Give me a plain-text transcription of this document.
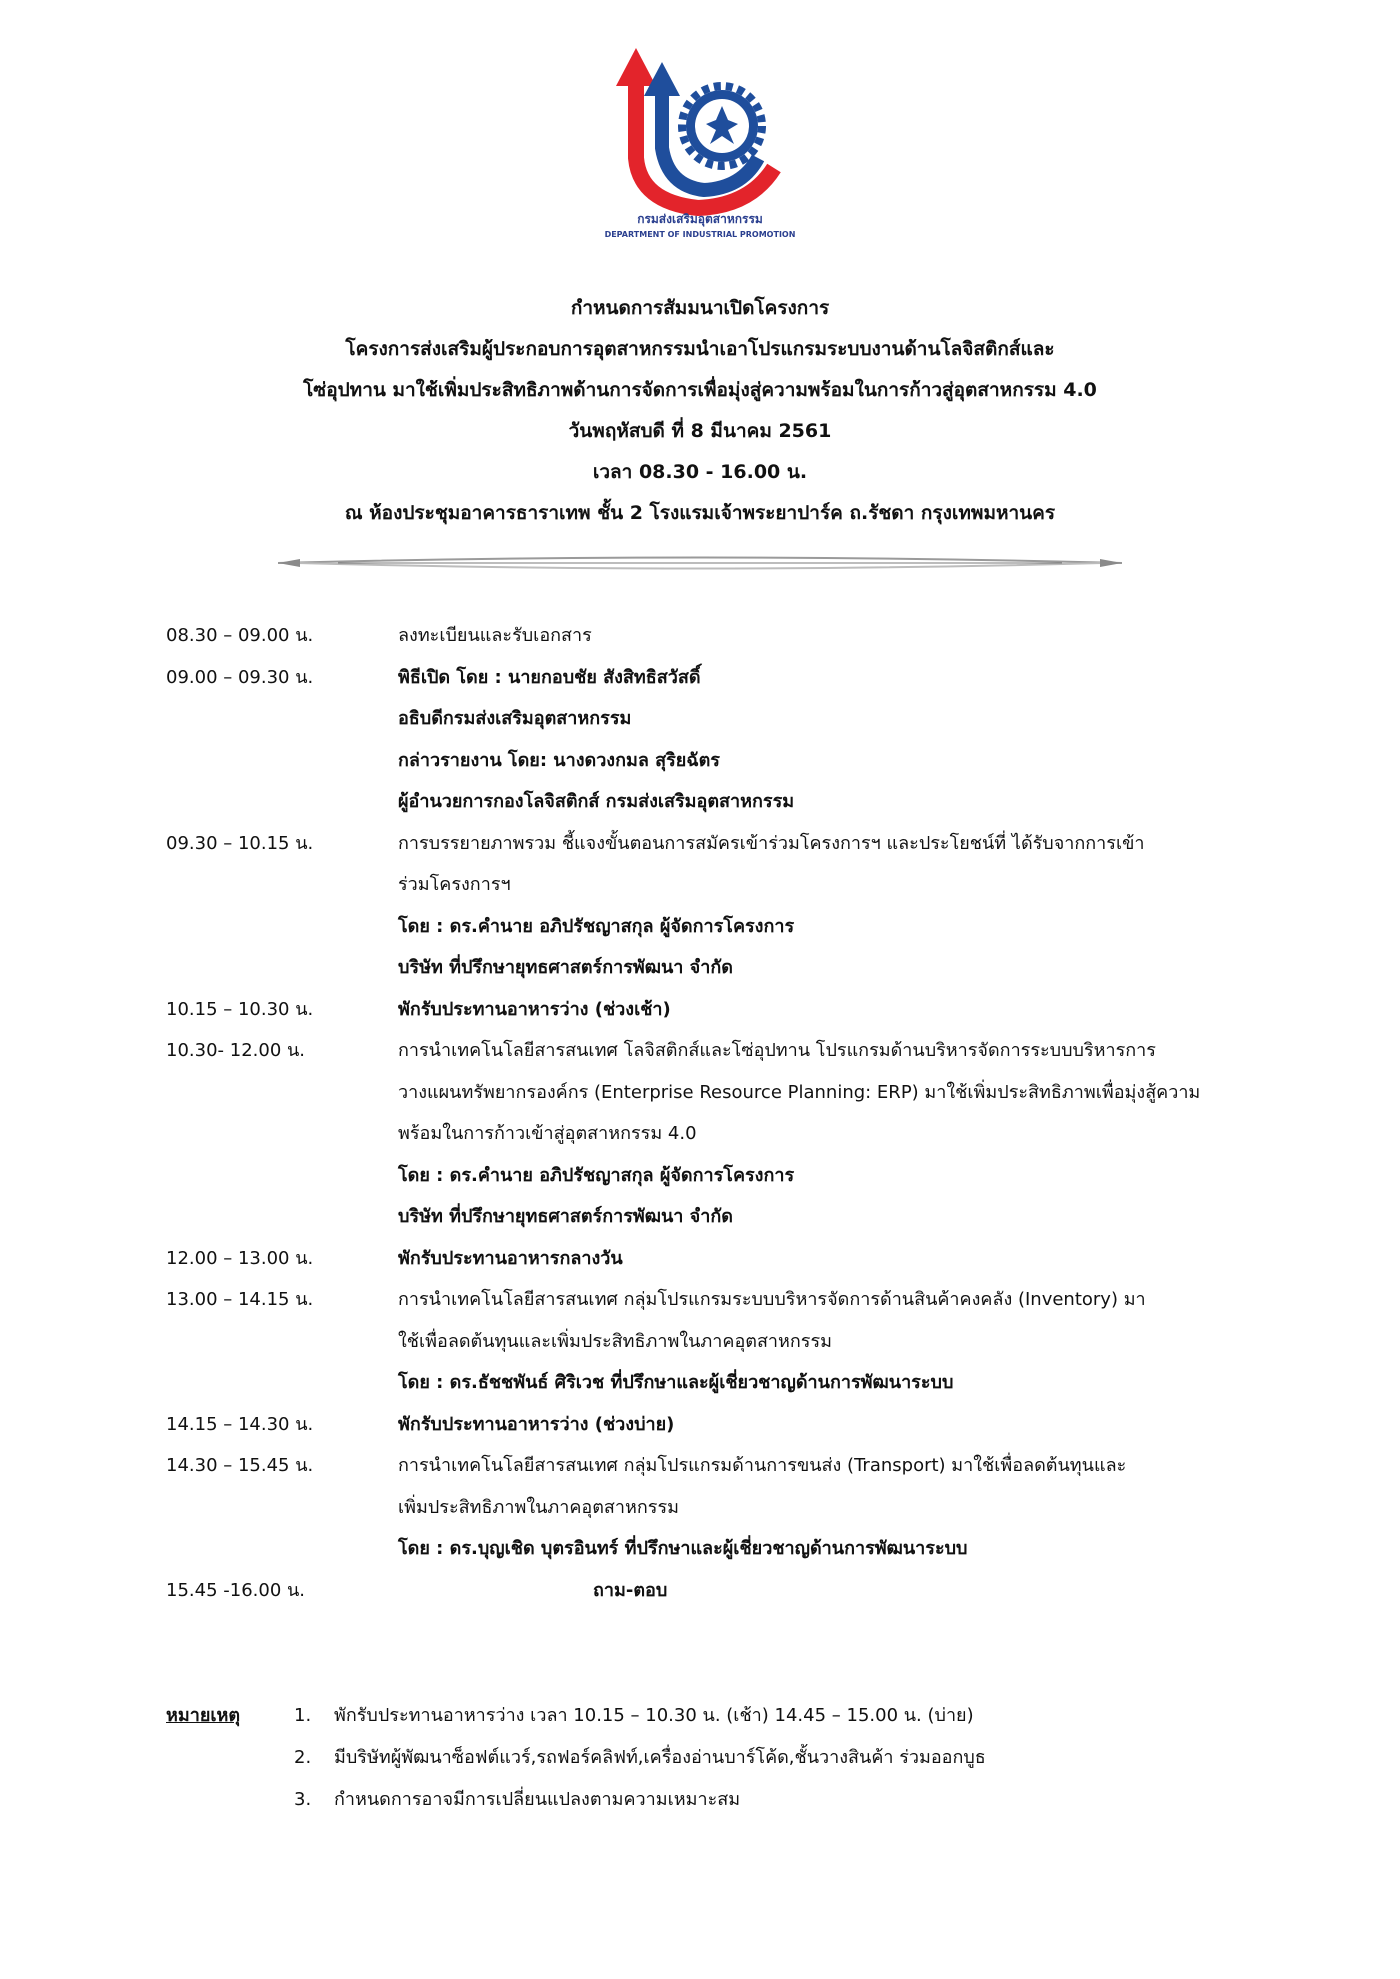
กรมส่งเสริมอุตสาหกรรม
DEPARTMENT OF INDUSTRIAL PROMOTION
กำหนดการสัมมนาเปิดโครงการ
โครงการส่งเสริมผู้ประกอบการอุตสาหกรรมนำเอาโปรแกรมระบบงานด้านโลจิสติกส์และ
โซ่อุปทาน มาใช้เพิ่มประสิทธิภาพด้านการจัดการเพื่อมุ่งสู่ความพร้อมในการก้าวสู่อุตสาหกรรม 4.0
วันพฤหัสบดี ที่ 8 มีนาคม 2561
เวลา 08.30 - 16.00 น.
ณ ห้องประชุมอาคารธาราเทพ ชั้น 2 โรงแรมเจ้าพระยาปาร์ค ถ.รัชดา กรุงเทพมหานคร
08.30 – 09.00 น.	ลงทะเบียนและรับเอกสาร
09.00 – 09.30 น.	พิธีเปิด โดย : นายกอบชัย สังสิทธิสวัสดิ์
อธิบดีกรมส่งเสริมอุตสาหกรรม
กล่าวรายงาน โดย: นางดวงกมล สุริยฉัตร
ผู้อำนวยการกองโลจิสติกส์ กรมส่งเสริมอุตสาหกรรม
09.30 – 10.15 น.	การบรรยายภาพรวม ชี้แจงขั้นตอนการสมัครเข้าร่วมโครงการฯ และประโยชน์ที่ ได้รับจากการเข้า
ร่วมโครงการฯ
โดย : ดร.คำนาย อภิปรัชญาสกุล ผู้จัดการโครงการ
บริษัท ที่ปรึกษายุทธศาสตร์การพัฒนา จำกัด
10.15 – 10.30 น.	พักรับประทานอาหารว่าง (ช่วงเช้า)
10.30- 12.00 น.	การนำเทคโนโลยีสารสนเทศ โลจิสติกส์และโซ่อุปทาน โปรแกรมด้านบริหารจัดการระบบบริหารการ
วางแผนทรัพยากรองค์กร (Enterprise Resource Planning: ERP) มาใช้เพิ่มประสิทธิภาพเพื่อมุ่งสู้ความ
พร้อมในการก้าวเข้าสู่อุตสาหกรรม 4.0
โดย : ดร.คำนาย อภิปรัชญาสกุล ผู้จัดการโครงการ
บริษัท ที่ปรึกษายุทธศาสตร์การพัฒนา จำกัด
12.00 – 13.00 น.	พักรับประทานอาหารกลางวัน
13.00 – 14.15 น.	การนำเทคโนโลยีสารสนเทศ กลุ่มโปรแกรมระบบบริหารจัดการด้านสินค้าคงคลัง (Inventory) มา
ใช้เพื่อลดต้นทุนและเพิ่มประสิทธิภาพในภาคอุตสาหกรรม
โดย : ดร.ธัชชพันธ์ ศิริเวช ที่ปรึกษาและผู้เชี่ยวชาญด้านการพัฒนาระบบ
14.15 – 14.30 น.	พักรับประทานอาหารว่าง (ช่วงบ่าย)
14.30 – 15.45 น.	การนำเทคโนโลยีสารสนเทศ กลุ่มโปรแกรมด้านการขนส่ง (Transport) มาใช้เพื่อลดต้นทุนและ
เพิ่มประสิทธิภาพในภาคอุตสาหกรรม
โดย : ดร.บุญเชิด บุตรอินทร์ ที่ปรึกษาและผู้เชี่ยวชาญด้านการพัฒนาระบบ
15.45 -16.00 น.	ถาม-ตอบ
หมายเหตุ	1.	พักรับประทานอาหารว่าง เวลา 10.15 – 10.30 น. (เช้า) 14.45 – 15.00 น. (บ่าย)
2.	มีบริษัทผู้พัฒนาซ็อฟต์แวร์,รถฟอร์คลิฟท์,เครื่องอ่านบาร์โค้ด,ชั้นวางสินค้า ร่วมออกบูธ
3.	กำหนดการอาจมีการเปลี่ยนแปลงตามความเหมาะสม
